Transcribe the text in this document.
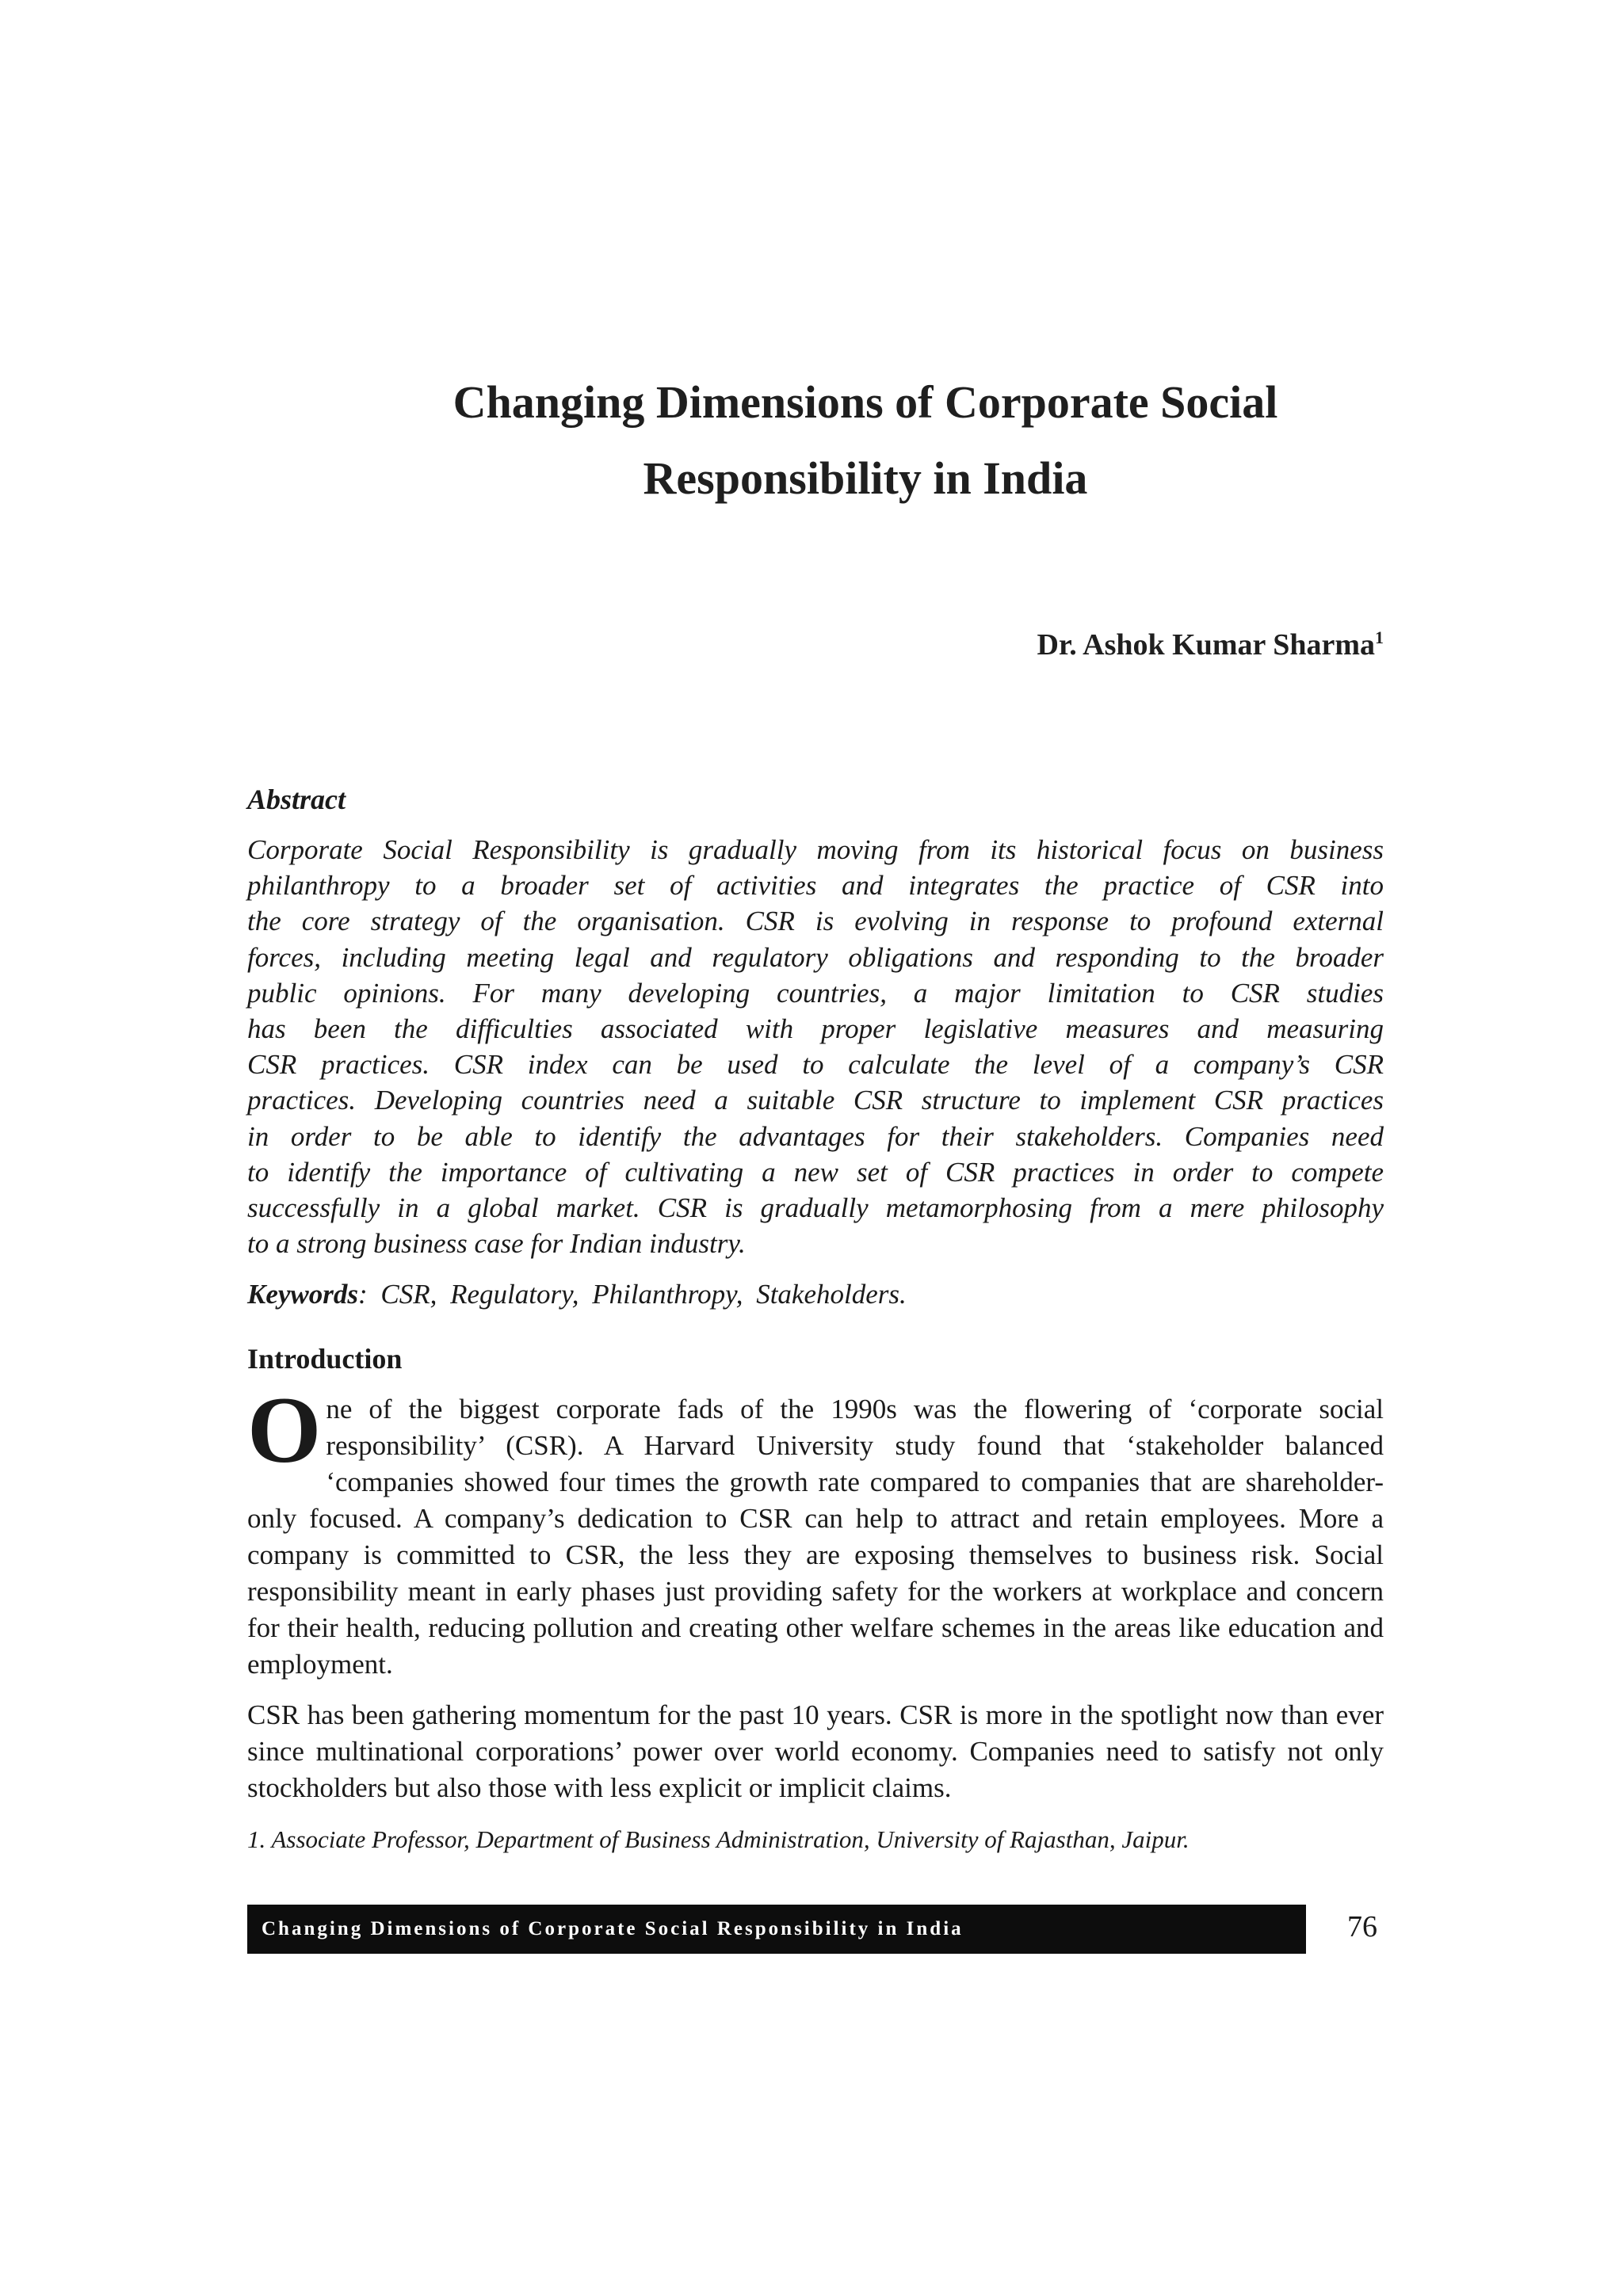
Changing Dimensions of Corporate Social
Responsibility in India
Dr. Ashok Kumar Sharma$^1$
Abstract
Corporate Social Responsibility is gradually moving from its historical focus on business
philanthropy to a broader set of activities and integrates the practice of CSR into
the core strategy of the organisation. CSR is evolving in response to profound external
forces, including meeting legal and regulatory obligations and responding to the broader
public opinions. For many developing countries, a major limitation to CSR studies
has been the difficulties associated with proper legislative measures and measuring
CSR practices. CSR index can be used to calculate the level of a company’s CSR
practices. Developing countries need a suitable CSR structure to implement CSR practices
in order to be able to identify the advantages for their stakeholders. Companies need
to identify the importance of cultivating a new set of CSR practices in order to compete
successfully in a global market. CSR is gradually metamorphosing from a mere philosophy
to a strong business case for Indian industry.
Keywords: CSR, Regulatory, Philanthropy, Stakeholders.
Introduction
One of the biggest corporate fads of the 1990s was the flowering of ‘corporate social responsibility’ (CSR). A Harvard University study found that ‘stakeholder balanced ‘companies showed four times the growth rate compared to companies that are shareholder-only focused. A company’s dedication to CSR can help to attract and retain employees. More a company is committed to CSR, the less they are exposing themselves to business risk. Social responsibility meant in early phases just providing safety for the workers at workplace and concern for their health, reducing pollution and creating other welfare schemes in the areas like education and employment.
CSR has been gathering momentum for the past 10 years. CSR is more in the spotlight now than ever since multinational corporations’ power over world economy. Companies need to satisfy not only stockholders but also those with less explicit or implicit claims.
1. Associate Professor, Department of Business Administration, University of Rajasthan, Jaipur.
Changing Dimensions of Corporate Social Responsibility in India	76
